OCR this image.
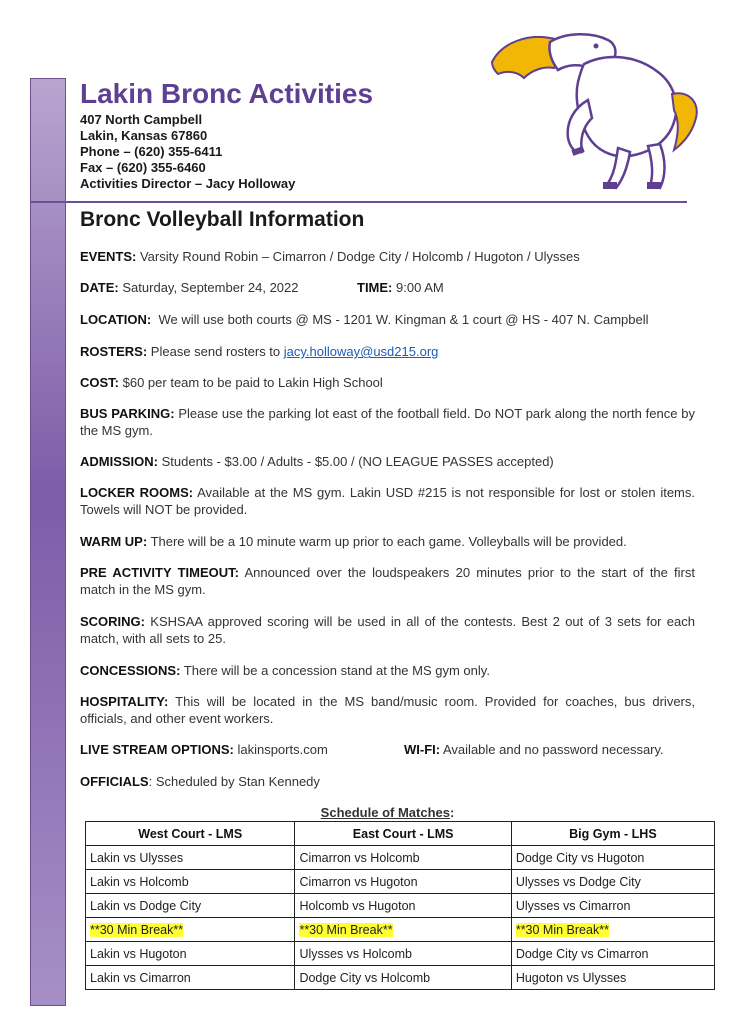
Lakin Bronc Activities
407 North Campbell
Lakin, Kansas 67860
Phone – (620) 355-6411
Fax – (620) 355-6460
Activities Director – Jacy Holloway
Bronc Volleyball Information

EVENTS: Varsity Round Robin – Cimarron / Dodge City / Holcomb / Hugoton / Ulysses

DATE: Saturday, September 24, 2022	TIME: 9:00 AM

LOCATION: We will use both courts @ MS - 1201 W. Kingman & 1 court @ HS - 407 N. Campbell

ROSTERS: Please send rosters to jacy.holloway@usd215.org

COST: $60 per team to be paid to Lakin High School

BUS PARKING: Please use the parking lot east of the football field. Do NOT park along the north fence by the MS gym.

ADMISSION: Students - $3.00 / Adults - $5.00 / (NO LEAGUE PASSES accepted)

LOCKER ROOMS: Available at the MS gym. Lakin USD #215 is not responsible for lost or stolen items. Towels will NOT be provided.

WARM UP: There will be a 10 minute warm up prior to each game. Volleyballs will be provided.

PRE ACTIVITY TIMEOUT: Announced over the loudspeakers 20 minutes prior to the start of the first match in the MS gym.

SCORING: KSHSAA approved scoring will be used in all of the contests. Best 2 out of 3 sets for each match, with all sets to 25.

CONCESSIONS: There will be a concession stand at the MS gym only.

HOSPITALITY: This will be located in the MS band/music room. Provided for coaches, bus drivers, officials, and other event workers.

LIVE STREAM OPTIONS: lakinsports.com	WI-FI: Available and no password necessary.

OFFICIALS: Scheduled by Stan Kennedy

Schedule of Matches:
West Court - LMS	East Court - LMS	Big Gym - LHS
Lakin vs Ulysses	Cimarron vs Holcomb	Dodge City vs Hugoton
Lakin vs Holcomb	Cimarron vs Hugoton	Ulysses vs Dodge City
Lakin vs Dodge City	Holcomb vs Hugoton	Ulysses vs Cimarron
**30 Min Break**	**30 Min Break**	**30 Min Break**
Lakin vs Hugoton	Ulysses vs Holcomb	Dodge City vs Cimarron
Lakin vs Cimarron	Dodge City vs Holcomb	Hugoton vs Ulysses
